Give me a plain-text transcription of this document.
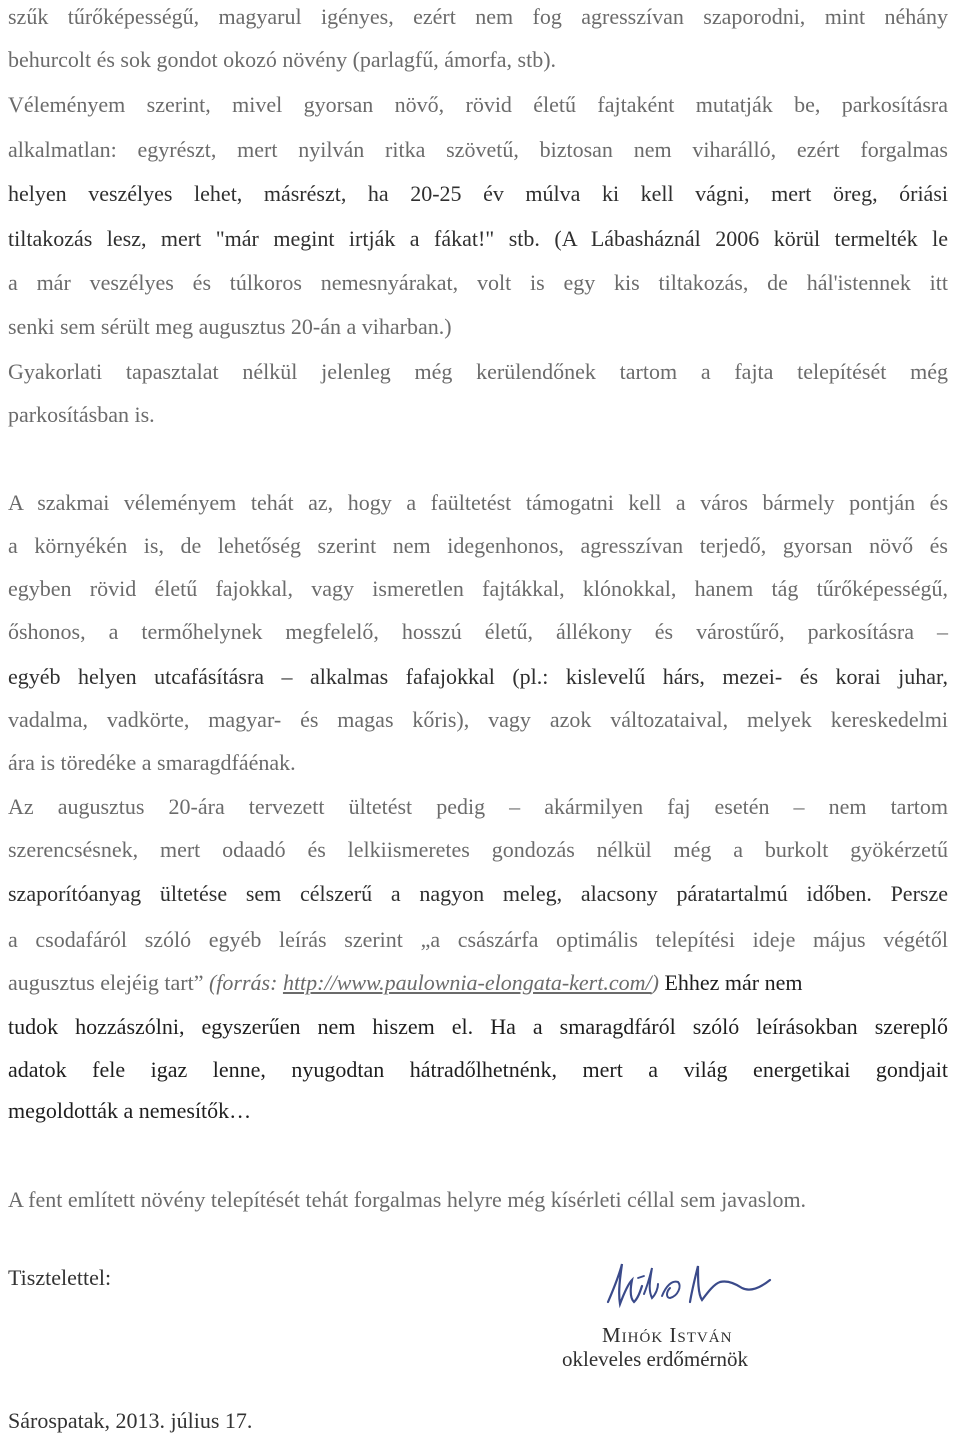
szűk tűrőképességű, magyarul igényes, ezért nem fog agresszívan szaporodni, mint néhány
behurcolt és sok gondot okozó növény (parlagfű, ámorfa, stb).
Véleményem szerint, mivel gyorsan növő, rövid életű fajtaként mutatják be, parkosításra
alkalmatlan: egyrészt, mert nyilván ritka szövetű, biztosan nem viharálló, ezért forgalmas
helyen veszélyes lehet, másrészt, ha 20-25 év múlva ki kell vágni, mert öreg, óriási
tiltakozás lesz, mert "már megint irtják a fákat!" stb. (A Lábasháznál 2006 körül termelték le
a már veszélyes és túlkoros nemesnyárakat, volt is egy kis tiltakozás, de hál'istennek itt
senki sem sérült meg augusztus 20-án a viharban.)
Gyakorlati tapasztalat nélkül jelenleg még kerülendőnek tartom a fajta telepítését még
parkosításban is.
A szakmai véleményem tehát az, hogy a faültetést támogatni kell a város bármely pontján és
a környékén is, de lehetőség szerint nem idegenhonos, agresszívan terjedő, gyorsan növő és
egyben rövid életű fajokkal, vagy ismeretlen fajtákkal, klónokkal, hanem tág tűrőképességű,
őshonos, a termőhelynek megfelelő, hosszú életű, állékony és várostűrő, parkosításra –
egyéb helyen utcafásításra – alkalmas fafajokkal (pl.: kislevelű hárs, mezei- és korai juhar,
vadalma, vadkörte, magyar- és magas kőris), vagy azok változataival, melyek kereskedelmi
ára is töredéke a smaragdfáénak.
Az augusztus 20-ára tervezett ültetést pedig – akármilyen faj esetén – nem tartom
szerencsésnek, mert odaadó és lelkiismeretes gondozás nélkül még a burkolt gyökérzetű
szaporítóanyag ültetése sem célszerű a nagyon meleg, alacsony páratartalmú időben. Persze
a csodafáról szóló egyéb leírás szerint „a császárfa optimális telepítési ideje május végétől
augusztus elejéig tart” (forrás: http://www.paulownia-elongata-kert.com/) Ehhez már nem
tudok hozzászólni, egyszerűen nem hiszem el. Ha a smaragdfáról szóló leírásokban szereplő
adatok fele igaz lenne, nyugodtan hátradőlhetnénk, mert a világ energetikai gondjait
megoldották a nemesítők…
A fent említett növény telepítését tehát forgalmas helyre még kísérleti céllal sem javaslom.
Tisztelettel:
Mihók István
okleveles erdőmérnök
Sárospatak, 2013. július 17.
